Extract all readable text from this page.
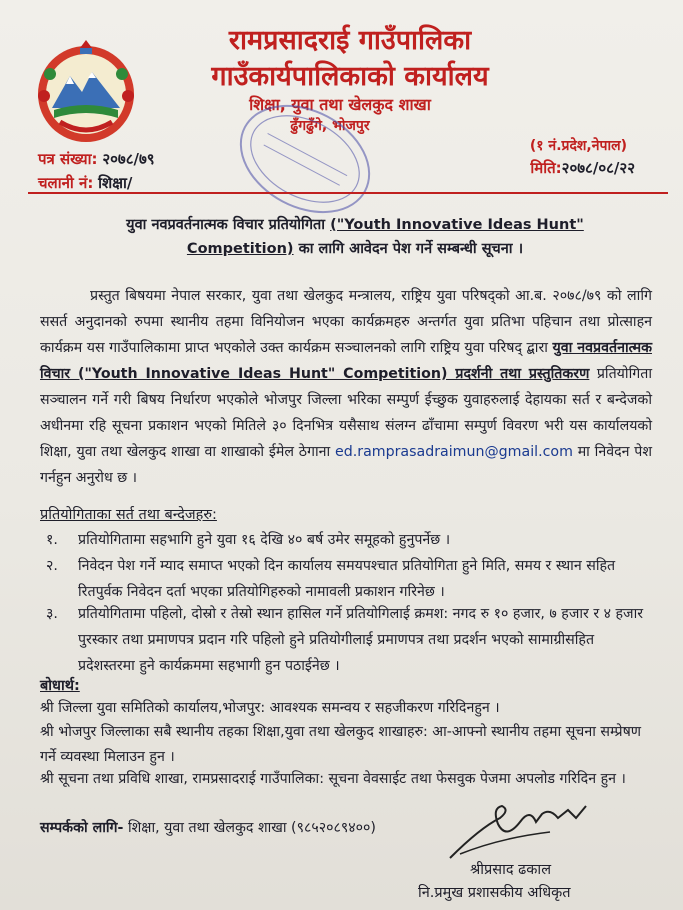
रामप्रसादराई गाउँपालिका
गाउँकार्यपालिकाको कार्यालय
शिक्षा, युवा तथा खेलकुद शाखा
ढुँगढुँगे, भोजपुर
पत्र संख्या: २०७८/७९
चलानी नं: शिक्षा/
(१ नं.प्रदेश,नेपाल)
मिति:२०७८/०८/२२
युवा नवप्रवर्तनात्मक विचार प्रतियोगिता ("Youth Innovative Ideas Hunt"
Competition) का लागि आवेदन पेश गर्ने सम्बन्धी सूचना ।

प्रस्तुत बिषयमा नेपाल सरकार, युवा तथा खेलकुद मन्त्रालय, राष्ट्रिय युवा परिषद्को आ.ब. २०७८/७९ को लागि ससर्त अनुदानको रुपमा स्थानीय तहमा विनियोजन भएका कार्यक्रमहरु अन्तर्गत युवा प्रतिभा पहिचान तथा प्रोत्साहन कार्यक्रम यस गाउँपालिकामा प्राप्त भएकोले उक्त कार्यक्रम सञ्चालनको लागि राष्ट्रिय युवा परिषद् द्बारा युवा नवप्रवर्तनात्मक विचार ("Youth Innovative Ideas Hunt" Competition) प्रदर्शनी तथा प्रस्तुतिकरण प्रतियोगिता सञ्चालन गर्ने गरी बिषय निर्धारण भएकोले भोजपुर जिल्ला भरिका सम्पुर्ण ईच्छुक युवाहरुलाई देहायका सर्त र बन्देजको अधीनमा रहि सूचना प्रकाशन भएको मितिले ३० दिनभित्र यसैसाथ संलग्न ढाँचामा सम्पुर्ण विवरण भरी यस कार्यालयको शिक्षा, युवा तथा खेलकुद शाखा वा शाखाको ईमेल ठेगाना ed.ramprasadraimun@gmail.com मा निवेदन पेश गर्नहुन अनुरोध छ ।

प्रतियोगिताका सर्त तथा बन्देजहरु:
१. प्रतियोगितामा सहभागि हुने युवा १६ देखि ४० बर्ष उमेर समूहको हुनुपर्नेछ ।
२. निवेदन पेश गर्ने म्याद समाप्त भएको दिन कार्यालय समयपश्चात प्रतियोगिता हुने मिति, समय र स्थान सहित रितपुर्वक निवेदन दर्ता भएका प्रतियोगिहरुको नामावली प्रकाशन गरिनेछ ।
३. प्रतियोगितामा पहिलो, दोस्रो र तेस्रो स्थान हासिल गर्ने प्रतियोगिलाई क्रमश: नगद रु १० हजार, ७ हजार र ४ हजार पुरस्कार तथा प्रमाणपत्र प्रदान गरि पहिलो हुने प्रतियोगीलाई प्रमाणपत्र तथा प्रदर्शन भएको सामाग्रीसहित प्रदेशस्तरमा हुने कार्यक्रममा सहभागी हुन पठाईनेछ ।
बोधार्थ:
श्री जिल्ला युवा समितिको कार्यालय,भोजपुर: आवश्यक समन्वय र सहजीकरण गरिदिनहुन ।
श्री भोजपुर जिल्लाका सबै स्थानीय तहका शिक्षा,युवा तथा खेलकुद शाखाहरु: आ-आफ्नो स्थानीय तहमा सूचना सम्प्रेषण गर्ने व्यवस्था मिलाउन हुन ।
श्री सूचना तथा प्रविधि शाखा, रामप्रसादराई गाउँपालिका: सूचना वेवसाईट तथा फेसवुक पेजमा अपलोड गरिदिन हुन ।
सम्पर्कको लागि- शिक्षा, युवा तथा खेलकुद शाखा (९८५२०८९४००)
श्रीप्रसाद ढकाल
नि.प्रमुख प्रशासकीय अधिकृत
